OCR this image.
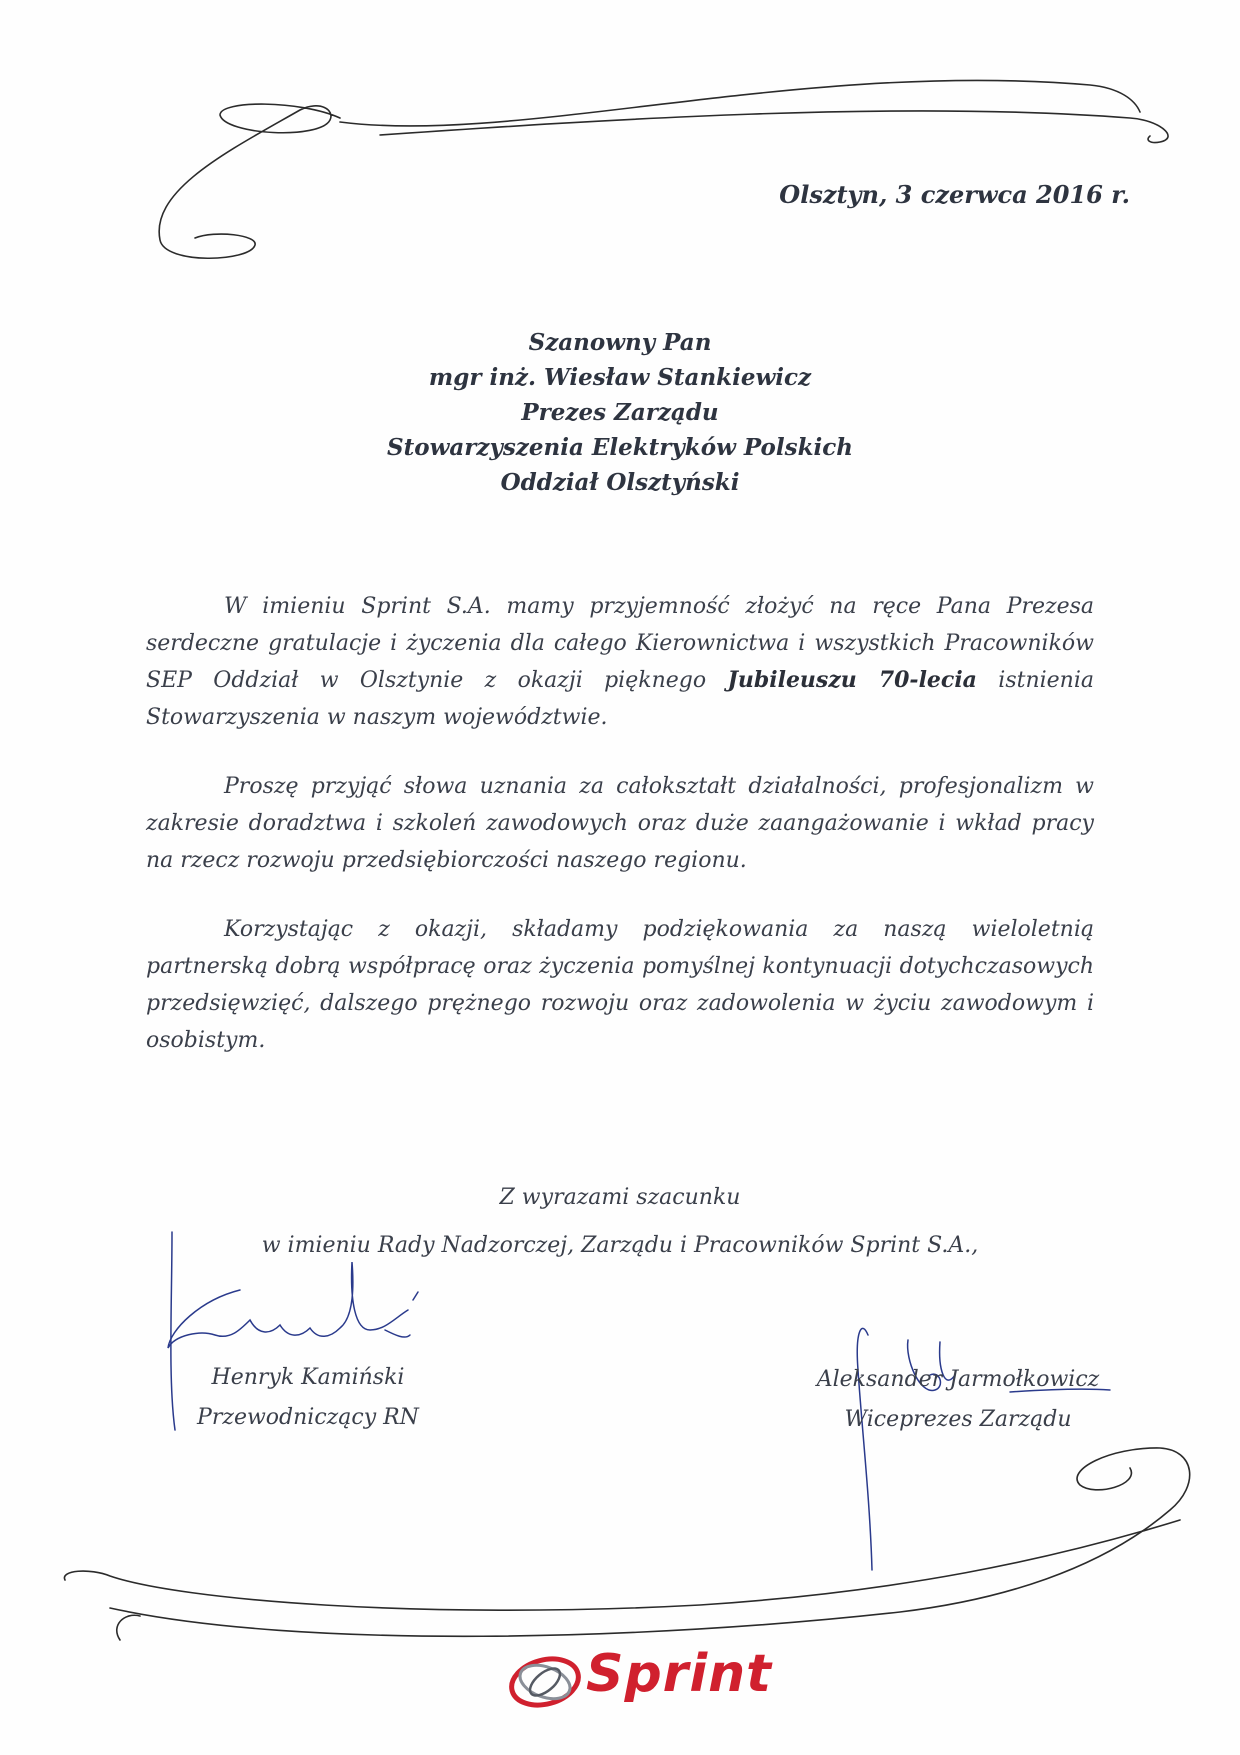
Olsztyn, 3 czerwca 2016 r.
Szanowny Pan
mgr inż. Wiesław Stankiewicz
Prezes Zarządu
Stowarzyszenia Elektryków Polskich
Oddział Olsztyński

W imieniu Sprint S.A. mamy przyjemność złożyć na ręce Pana Prezesa serdeczne gratulacje i życzenia dla całego Kierownictwa i wszystkich Pracowników SEP Oddział w Olsztynie z okazji pięknego Jubileuszu 70-lecia istnienia Stowarzyszenia w naszym województwie.

Proszę przyjąć słowa uznania za całokształt działalności, profesjonalizm w zakresie doradztwa i szkoleń zawodowych oraz duże zaangażowanie i wkład pracy na rzecz rozwoju przedsiębiorczości naszego regionu.

Korzystając z okazji, składamy podziękowania za naszą wieloletnią partnerską dobrą współpracę oraz życzenia pomyślnej kontynuacji dotychczasowych przedsięwzięć, dalszego prężnego rozwoju oraz zadowolenia w życiu zawodowym i osobistym.

Z wyrazami szacunku
w imieniu Rady Nadzorczej, Zarządu i Pracowników Sprint S.A.,
Henryk Kamiński
Przewodniczący RN
Aleksander Jarmołkowicz
Wiceprezes Zarządu
Sprint
